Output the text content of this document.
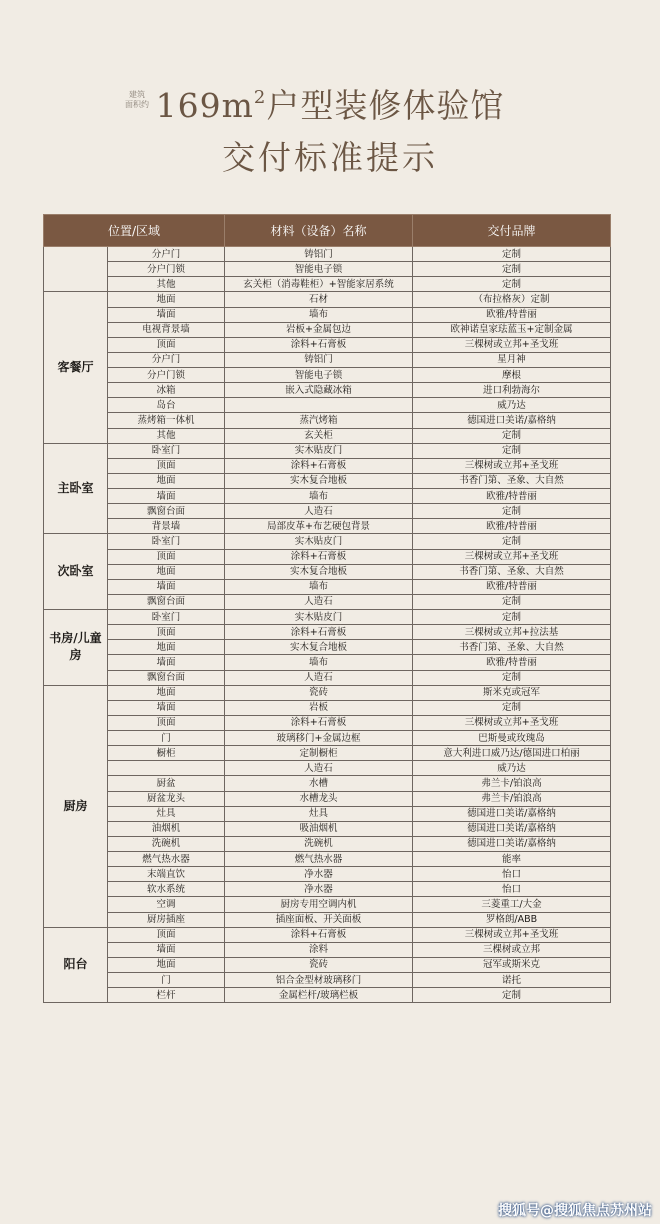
建筑
面积约 $169m^2$户型装修体验馆
交付标准提示
位置/区域		材料（设备）名称	交付品牌
	分户门	铸铝门	定制
	分户门锁	智能电子锁	定制
	其他	玄关柜（消毒鞋柜）+智能家居系统	定制
客餐厅	地面	石材	（布拉格灰）定制
	墙面	墙布	欧雅/特普丽
	电视背景墙	岩板+金属包边	欧神诺皇家珐蓝玉+定制金属
	顶面	涂料+石膏板	三棵树或立邦+圣戈班
	分户门	铸铝门	星月神
	分户门锁	智能电子锁	摩根
	冰箱	嵌入式隐藏冰箱	进口利勃海尔
	岛台		威乃达
	蒸烤箱一体机	蒸汽烤箱	德国进口美诺/嘉格纳
	其他	玄关柜	定制
主卧室	卧室门	实木贴皮门	定制
	顶面	涂料+石膏板	三棵树或立邦+圣戈班
	地面	实木复合地板	书香门第、圣象、大自然
	墙面	墙布	欧雅/特普丽
	飘窗台面	人造石	定制
	背景墙	局部皮革+布艺硬包背景	欧雅/特普丽
次卧室	卧室门	实木贴皮门	定制
	顶面	涂料+石膏板	三棵树或立邦+圣戈班
	地面	实木复合地板	书香门第、圣象、大自然
	墙面	墙布	欧雅/特普丽
	飘窗台面	人造石	定制
书房/儿童房	卧室门	实木贴皮门	定制
	顶面	涂料+石膏板	三棵树或立邦+拉法基
	地面	实木复合地板	书香门第、圣象、大自然
	墙面	墙布	欧雅/特普丽
	飘窗台面	人造石	定制
厨房	地面	瓷砖	斯米克或冠军
	墙面	岩板	定制
	顶面	涂料+石膏板	三棵树或立邦+圣戈班
	门	玻璃移门+金属边框	巴斯曼或玫瑰岛
	橱柜	定制橱柜	意大利进口威乃达/德国进口柏丽
		人造石	威乃达
	厨盆	水槽	弗兰卡/铂浪高
	厨盆龙头	水槽龙头	弗兰卡/铂浪高
	灶具	灶具	德国进口美诺/嘉格纳
	油烟机	吸油烟机	德国进口美诺/嘉格纳
	洗碗机	洗碗机	德国进口美诺/嘉格纳
	燃气热水器	燃气热水器	能率
	末端直饮	净水器	怡口
	软水系统	净水器	怡口
	空调	厨房专用空调内机	三菱重工/大金
	厨房插座	插座面板、开关面板	罗格朗/ABB
阳台	顶面	涂料+石膏板	三棵树或立邦+圣戈班
	墙面	涂料	三棵树或立邦
	地面	瓷砖	冠军或斯米克
	门	铝合金型材玻璃移门	诺托
	栏杆	金属栏杆/玻璃栏板	定制
搜狐号@搜狐焦点苏州站
